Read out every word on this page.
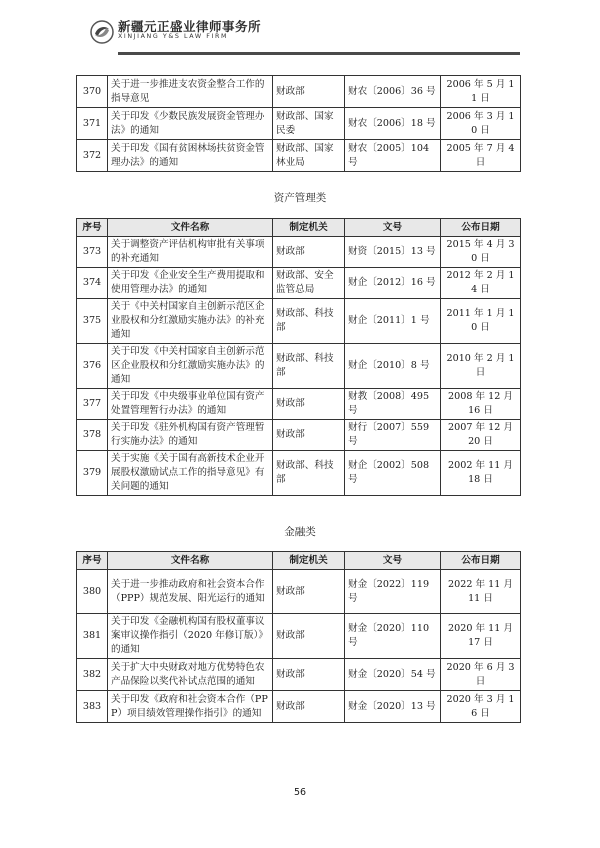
新疆元正盛业律师事务所
XINJIANG Y&S LAW FIRM
370	关于进一步推进支农资金整合工作的指导意见	财政部	财农〔2006〕36 号	2006 年 5 月 11 日
371	关于印发《少数民族发展资金管理办法》的通知	财政部、国家民委	财农〔2006〕18 号	2006 年 3 月 10 日
372	关于印发《国有贫困林场扶贫资金管理办法》的通知	财政部、国家林业局	财农〔2005〕104 号	2005 年 7 月 4 日
资产管理类
序号	文件名称	制定机关	文号	公布日期
373	关于调整资产评估机构审批有关事项的补充通知	财政部	财资〔2015〕13 号	2015 年 4 月 30 日
374	关于印发《企业安全生产费用提取和使用管理办法》的通知	财政部、安全监管总局	财企〔2012〕16 号	2012 年 2 月 14 日
375	关于《中关村国家自主创新示范区企业股权和分红激励实施办法》的补充通知	财政部、科技部	财企〔2011〕1 号	2011 年 1 月 10 日
376	关于印发《中关村国家自主创新示范区企业股权和分红激励实施办法》的通知	财政部、科技部	财企〔2010〕8 号	2010 年 2 月 1 日
377	关于印发《中央级事业单位国有资产处置管理暂行办法》的通知	财政部	财教〔2008〕495 号	2008 年 12 月 16 日
378	关于印发《驻外机构国有资产管理暂行实施办法》的通知	财政部	财行〔2007〕559 号	2007 年 12 月 20 日
379	关于实施《关于国有高新技术企业开展股权激励试点工作的指导意见》有关问题的通知	财政部、科技部	财企〔2002〕508 号	2002 年 11 月 18 日
金融类
序号	文件名称	制定机关	文号	公布日期
380	关于进一步推动政府和社会资本合作（PPP）规范发展、阳光运行的通知	财政部	财金〔2022〕119 号	2022 年 11 月 11 日
381	关于印发《金融机构国有股权董事议案审议操作指引（2020 年修订版）》的通知	财政部	财金〔2020〕110 号	2020 年 11 月 17 日
382	关于扩大中央财政对地方优势特色农产品保险以奖代补试点范围的通知	财政部	财金〔2020〕54 号	2020 年 6 月 3 日
383	关于印发《政府和社会资本合作（PPP）项目绩效管理操作指引》的通知	财政部	财金〔2020〕13 号	2020 年 3 月 16 日
56
